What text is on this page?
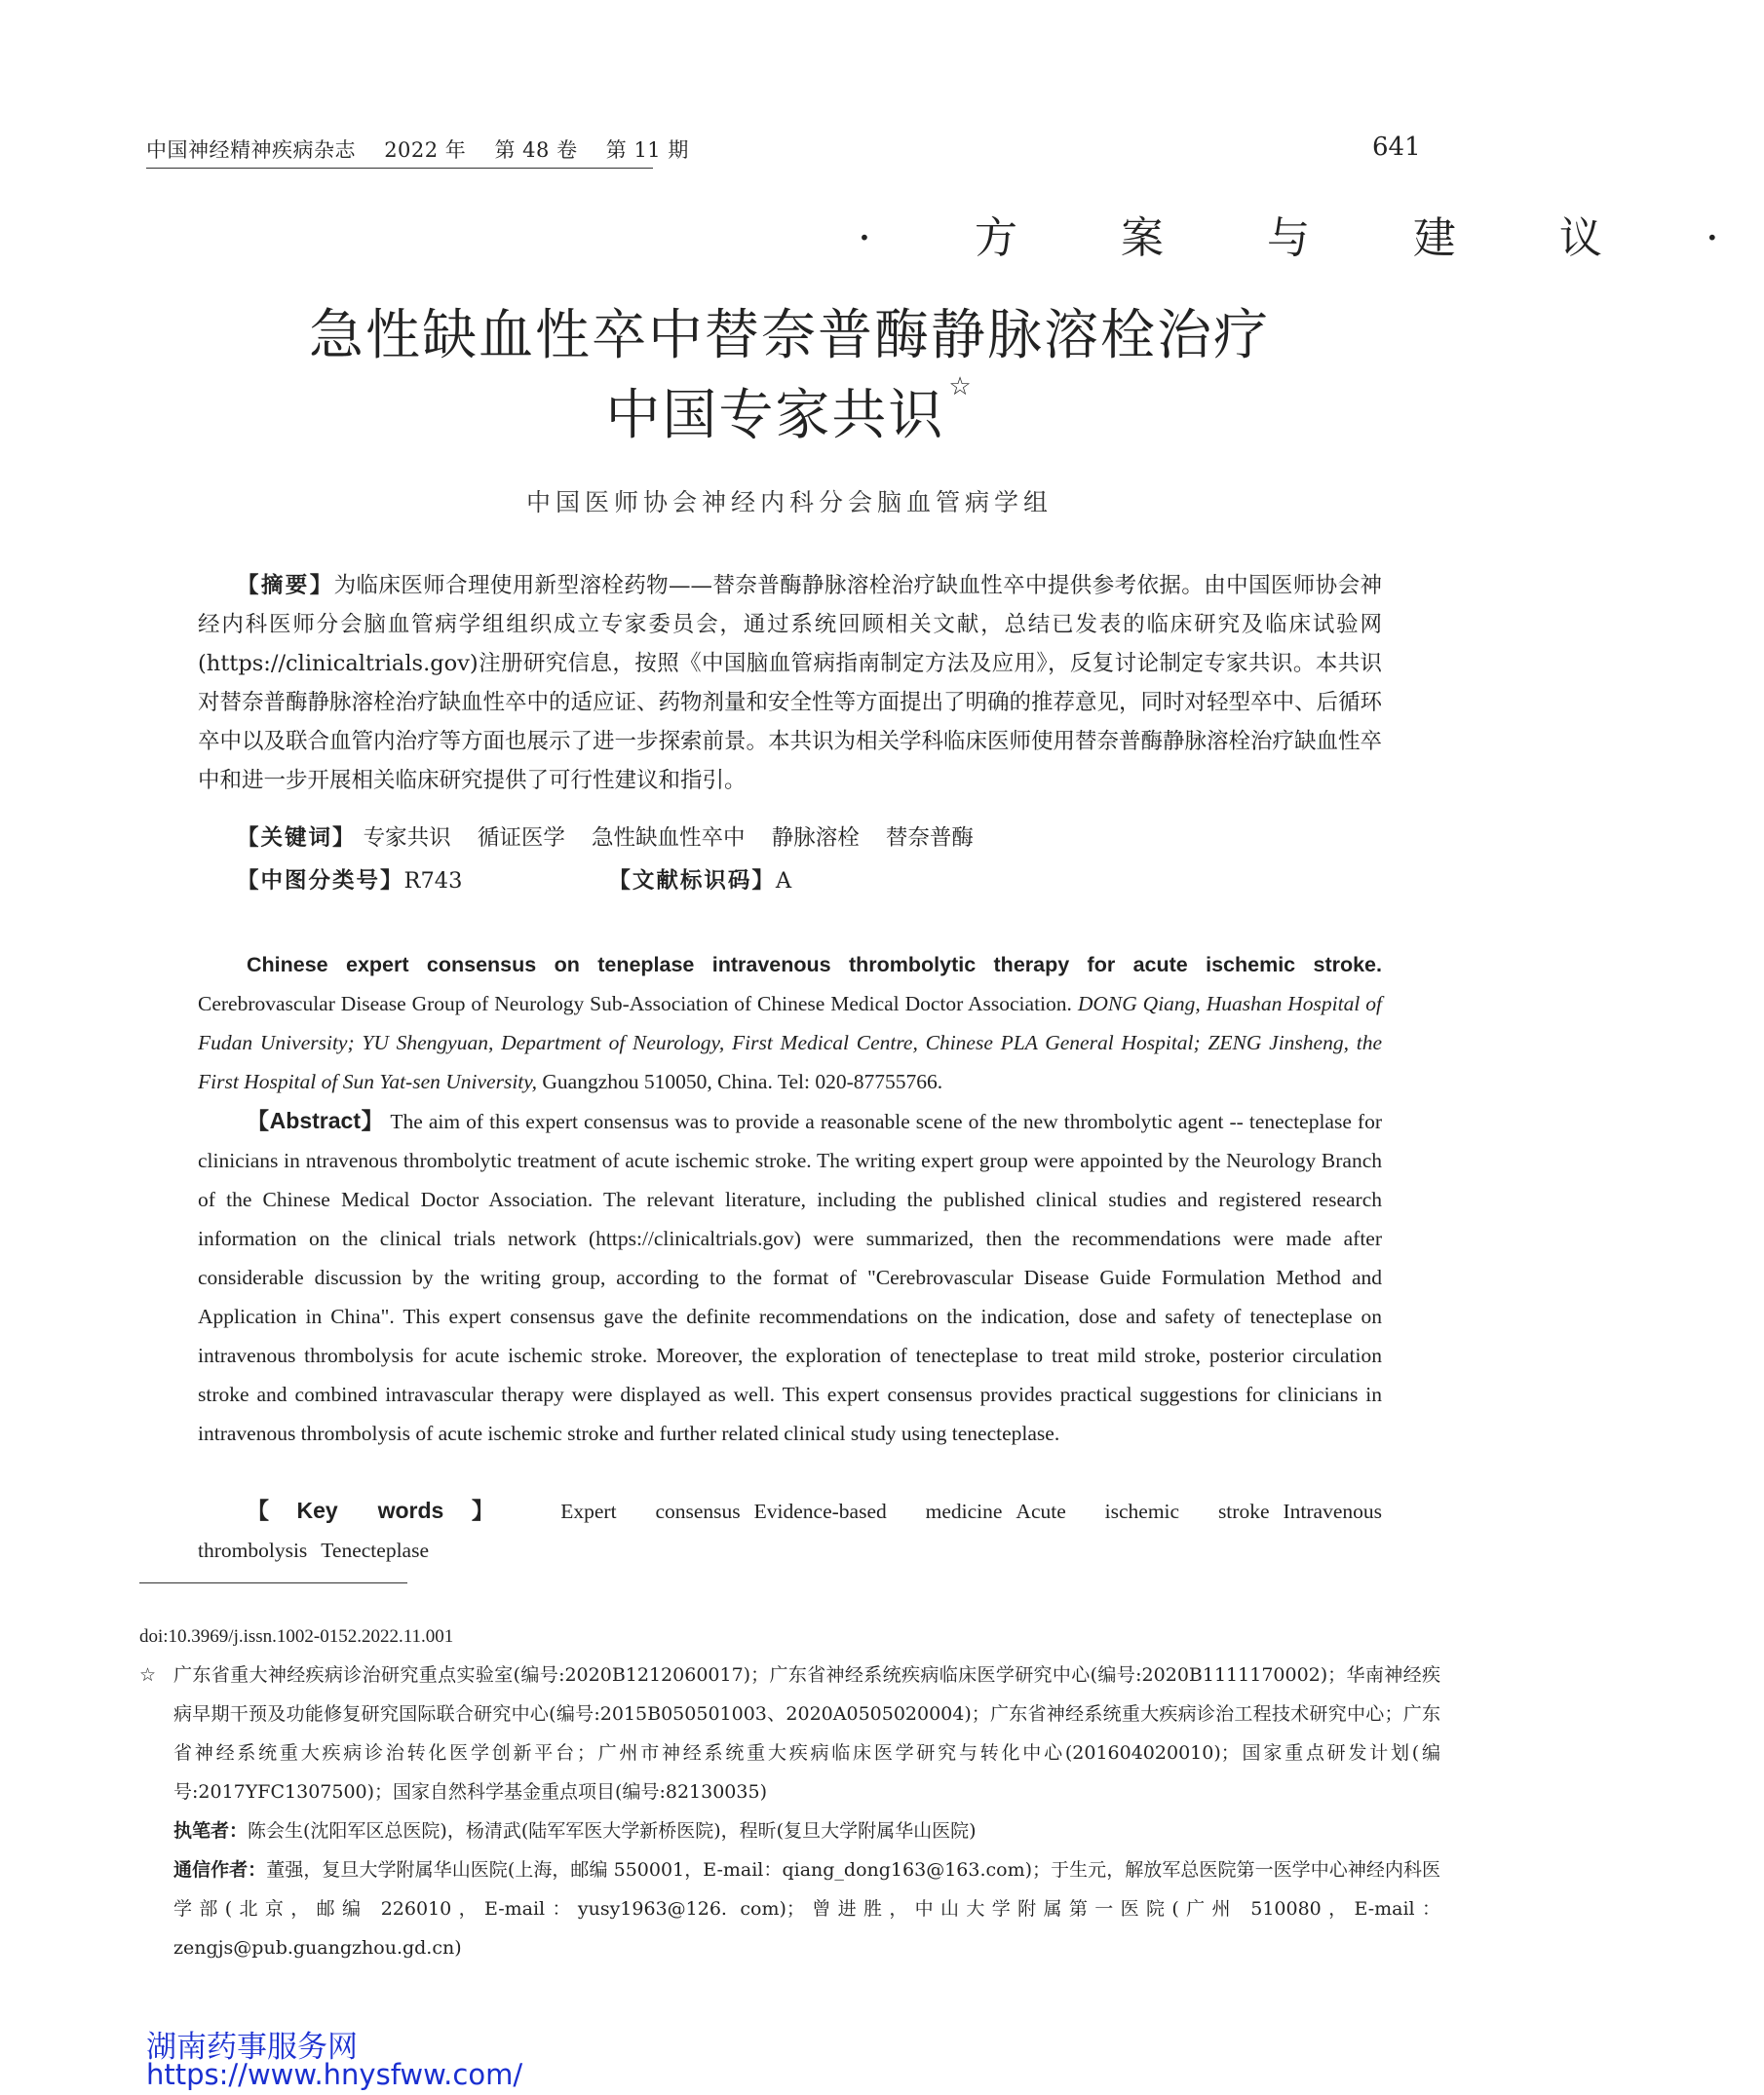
中国神经精神疾病杂志 2022 年 第 48 卷 第 11 期	641
· 方 案 与 建 议 ·
急性缺血性卒中替奈普酶静脉溶栓治疗
中国专家共识 ☆
中国医师协会神经内科分会脑血管病学组
【摘要】为临床医师合理使用新型溶栓药物——替奈普酶静脉溶栓治疗缺血性卒中提供参考依据。由中国医师协会神经内科医师分会脑血管病学组组织成立专家委员会，通过系统回顾相关文献，总结已发表的临床研究及临床试验网(https://clinicaltrials.gov)注册研究信息，按照《中国脑血管病指南制定方法及应用》，反复讨论制定专家共识。本共识对替奈普酶静脉溶栓治疗缺血性卒中的适应证、药物剂量和安全性等方面提出了明确的推荐意见，同时对轻型卒中、后循环卒中以及联合血管内治疗等方面也展示了进一步探索前景。本共识为相关学科临床医师使用替奈普酶静脉溶栓治疗缺血性卒中和进一步开展相关临床研究提供了可行性建议和指引。
【关键词】 专家共识 循证医学 急性缺血性卒中 静脉溶栓 替奈普酶
【中图分类号】R743	【文献标识码】A
Chinese expert consensus on teneplase intravenous thrombolytic therapy for acute ischemic stroke. Cerebrovascular Disease Group of Neurology Sub-Association of Chinese Medical Doctor Association. DONG Qiang, Huashan Hospital of Fudan University; YU Shengyuan, Department of Neurology, First Medical Centre, Chinese PLA General Hospital; ZENG Jinsheng, the First Hospital of Sun Yat-sen University, Guangzhou 510050, China. Tel: 020-87755766.
【Abstract】 The aim of this expert consensus was to provide a reasonable scene of the new thrombolytic agent -- tenecteplase for clinicians in ntravenous thrombolytic treatment of acute ischemic stroke. The writing expert group were appointed by the Neurology Branch of the Chinese Medical Doctor Association. The relevant literature, including the published clinical studies and registered research information on the clinical trials network (https://clinicaltrials.gov) were summarized, then the recommendations were made after considerable discussion by the writing group, according to the format of "Cerebrovascular Disease Guide Formulation Method and Application in China". This expert consensus gave the definite recommendations on the indication, dose and safety of tenecteplase on intravenous thrombolysis for acute ischemic stroke. Moreover, the exploration of tenecteplase to treat mild stroke, posterior circulation stroke and combined intravascular therapy were displayed as well. This expert consensus provides practical suggestions for clinicians in intravenous thrombolysis of acute ischemic stroke and further related clinical study using tenecteplase.
【Key words】 Expert consensus Evidence-based medicine Acute ischemic stroke Intravenous thrombolysis Tenecteplase
doi:10.3969/j.issn.1002-0152.2022.11.001
☆ 广东省重大神经疾病诊治研究重点实验室(编号:2020B1212060017)；广东省神经系统疾病临床医学研究中心(编号:2020B1111170002)；华南神经疾病早期干预及功能修复研究国际联合研究中心(编号:2015B050501003、2020A0505020004)；广东省神经系统重大疾病诊治工程技术研究中心；广东省神经系统重大疾病诊治转化医学创新平台；广州市神经系统重大疾病临床医学研究与转化中心(201604020010)；国家重点研发计划(编号:2017YFC1307500)；国家自然科学基金重点项目(编号:82130035)
执笔者：陈会生(沈阳军区总医院)，杨清武(陆军军医大学新桥医院)，程昕(复旦大学附属华山医院)
通信作者：董强，复旦大学附属华山医院(上海，邮编 550001，E-mail：qiang_dong163@163.com)；于生元，解放军总医院第一医学中心神经内科医学部(北京，邮编 226010，E-mail：yusy1963@126. com)；曾进胜，中山大学附属第一医院(广州 510080，E-mail：zengjs@pub.guangzhou.gd.cn)
湖南药事服务网
https://www.hnysfww.com/
